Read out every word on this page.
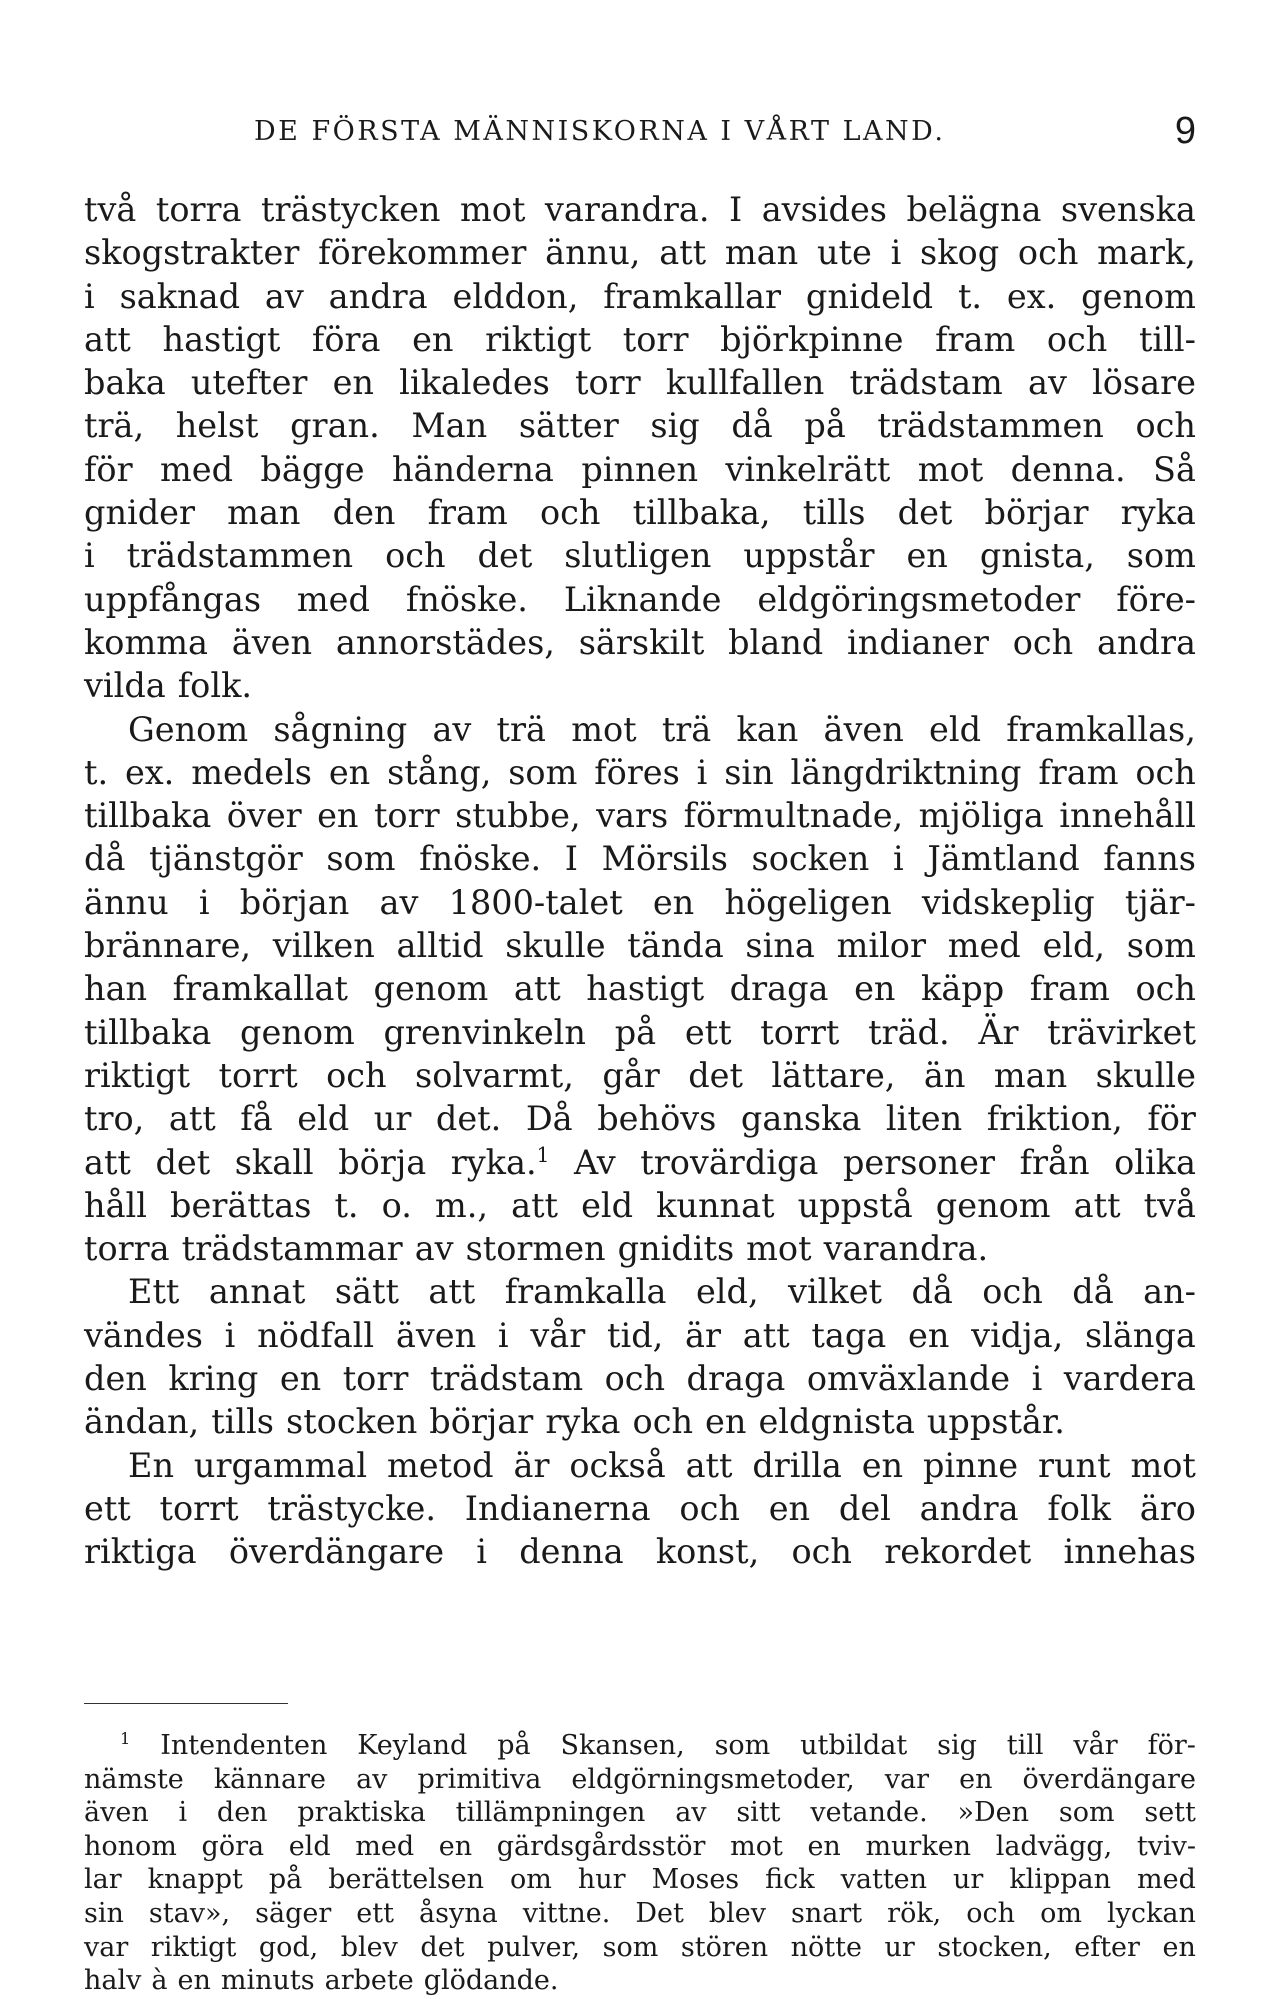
DE FÖRSTA MÄNNISKORNA I VÅRT LAND.	9
två torra trästycken mot varandra. I avsides belägna svenska
skogstrakter förekommer ännu, att man ute i skog och mark,
i saknad av andra elddon, framkallar gnideld t. ex. genom
att hastigt föra en riktigt torr björkpinne fram och till-
baka utefter en likaledes torr kullfallen trädstam av lösare
trä, helst gran. Man sätter sig då på trädstammen och
för med bägge händerna pinnen vinkelrätt mot denna. Så
gnider man den fram och tillbaka, tills det börjar ryka
i trädstammen och det slutligen uppstår en gnista, som
uppfångas med fnöske. Liknande eldgöringsmetoder före-
komma även annorstädes, särskilt bland indianer och andra
vilda folk.
Genom sågning av trä mot trä kan även eld framkallas,
t. ex. medels en stång, som föres i sin längdriktning fram och
tillbaka över en torr stubbe, vars förmultnade, mjöliga innehåll
då tjänstgör som fnöske. I Mörsils socken i Jämtland fanns
ännu i början av 1800-talet en högeligen vidskeplig tjär-
brännare, vilken alltid skulle tända sina milor med eld, som
han framkallat genom att hastigt draga en käpp fram och
tillbaka genom grenvinkeln på ett torrt träd. Är trävirket
riktigt torrt och solvarmt, går det lättare, än man skulle
tro, att få eld ur det. Då behövs ganska liten friktion, för
att det skall börja ryka.$^1$ Av trovärdiga personer från olika
håll berättas t. o. m., att eld kunnat uppstå genom att två
torra trädstammar av stormen gnidits mot varandra.
Ett annat sätt att framkalla eld, vilket då och då an-
vändes i nödfall även i vår tid, är att taga en vidja, slänga
den kring en torr trädstam och draga omväxlande i vardera
ändan, tills stocken börjar ryka och en eldgnista uppstår.
En urgammal metod är också att drilla en pinne runt mot
ett torrt trästycke. Indianerna och en del andra folk äro
riktiga överdängare i denna konst, och rekordet innehas
$^1$ Intendenten Keyland på Skansen, som utbildat sig till vår för-
nämste kännare av primitiva eldgörningsmetoder, var en överdängare
även i den praktiska tillämpningen av sitt vetande. »Den som sett
honom göra eld med en gärdsgårdsstör mot en murken ladvägg, tviv-
lar knappt på berättelsen om hur Moses fick vatten ur klippan med
sin stav», säger ett åsyna vittne. Det blev snart rök, och om lyckan
var riktigt god, blev det pulver, som stören nötte ur stocken, efter en
halv à en minuts arbete glödande.
